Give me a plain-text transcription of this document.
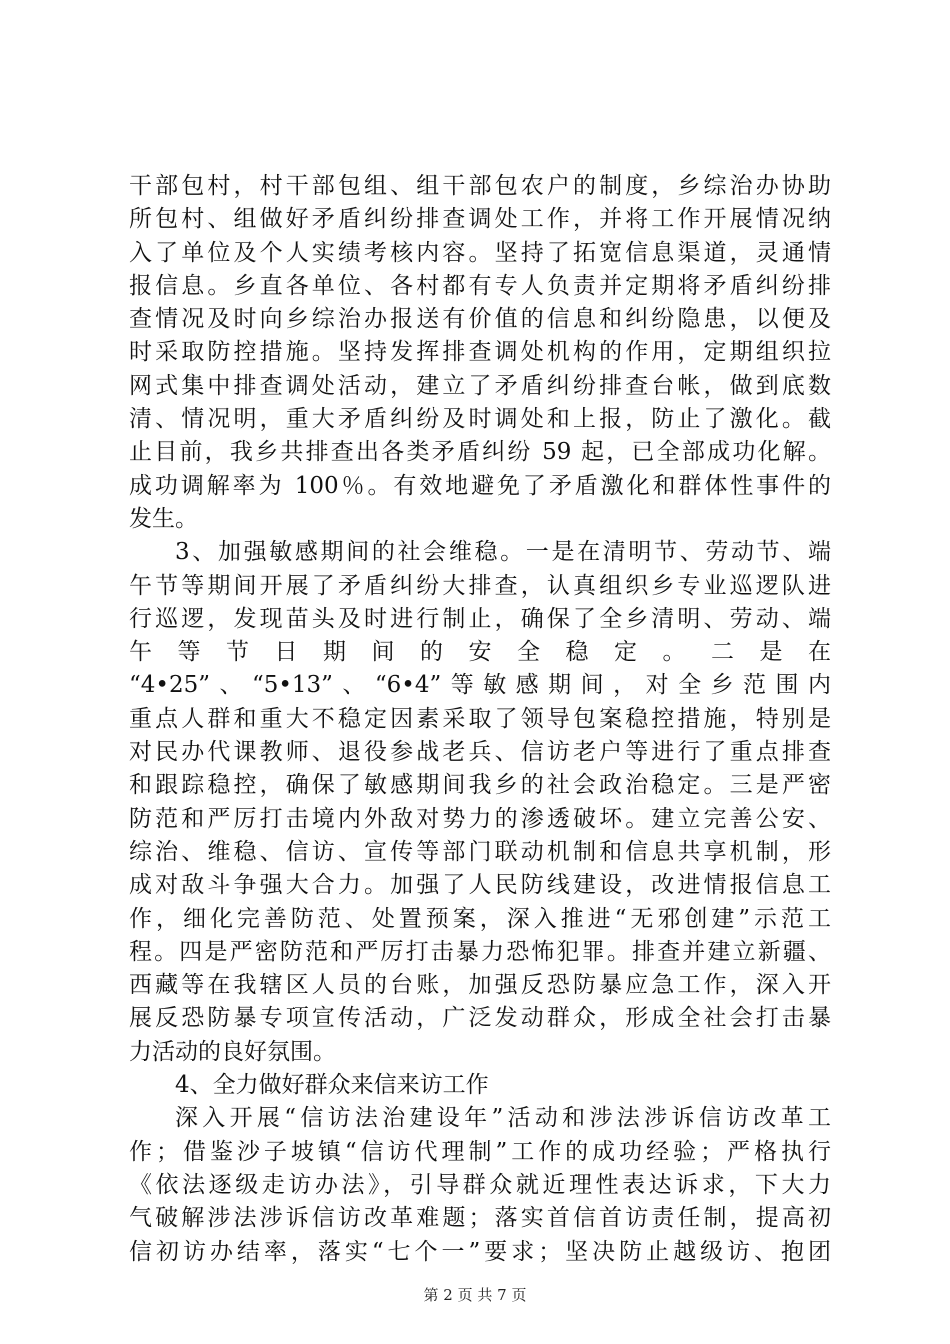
干部包村，村干部包组、组干部包农户的制度，乡综治办协助
所包村、组做好矛盾纠纷排查调处工作，并将工作开展情况纳
入了单位及个人实绩考核内容。坚持了拓宽信息渠道，灵通情
报信息。乡直各单位、各村都有专人负责并定期将矛盾纠纷排
查情况及时向乡综治办报送有价值的信息和纠纷隐患，以便及
时采取防控措施。坚持发挥排查调处机构的作用，定期组织拉
网式集中排查调处活动，建立了矛盾纠纷排查台帐，做到底数
清、情况明，重大矛盾纠纷及时调处和上报，防止了激化。截
止目前，我乡共排查出各类矛盾纠纷 59 起，已全部成功化解。
成功调解率为 100％。有效地避免了矛盾激化和群体性事件的
发生。
3、加强敏感期间的社会维稳。一是在清明节、劳动节、端
午节等期间开展了矛盾纠纷大排查，认真组织乡专业巡逻队进
行巡逻，发现苗头及时进行制止，确保了全乡清明、劳动、端
午等节日期间的安全稳定。二是在
“4•25”、“5•13”、“6•4”等敏感期间，对全乡范围内
重点人群和重大不稳定因素采取了领导包案稳控措施，特别是
对民办代课教师、退役参战老兵、信访老户等进行了重点排查
和跟踪稳控，确保了敏感期间我乡的社会政治稳定。三是严密
防范和严厉打击境内外敌对势力的渗透破坏。建立完善公安、
综治、维稳、信访、宣传等部门联动机制和信息共享机制，形
成对敌斗争强大合力。加强了人民防线建设，改进情报信息工
作，细化完善防范、处置预案，深入推进“无邪创建”示范工
程。四是严密防范和严厉打击暴力恐怖犯罪。排查并建立新疆、
西藏等在我辖区人员的台账，加强反恐防暴应急工作，深入开
展反恐防暴专项宣传活动，广泛发动群众，形成全社会打击暴
力活动的良好氛围。
4、全力做好群众来信来访工作
深入开展“信访法治建设年”活动和涉法涉诉信访改革工
作；借鉴沙子坡镇“信访代理制”工作的成功经验；严格执行
《依法逐级走访办法》，引导群众就近理性表达诉求，下大力
气破解涉法涉诉信访改革难题；落实首信首访责任制，提高初
信初访办结率，落实“七个一”要求；坚决防止越级访、抱团
第 2 页 共 7 页
